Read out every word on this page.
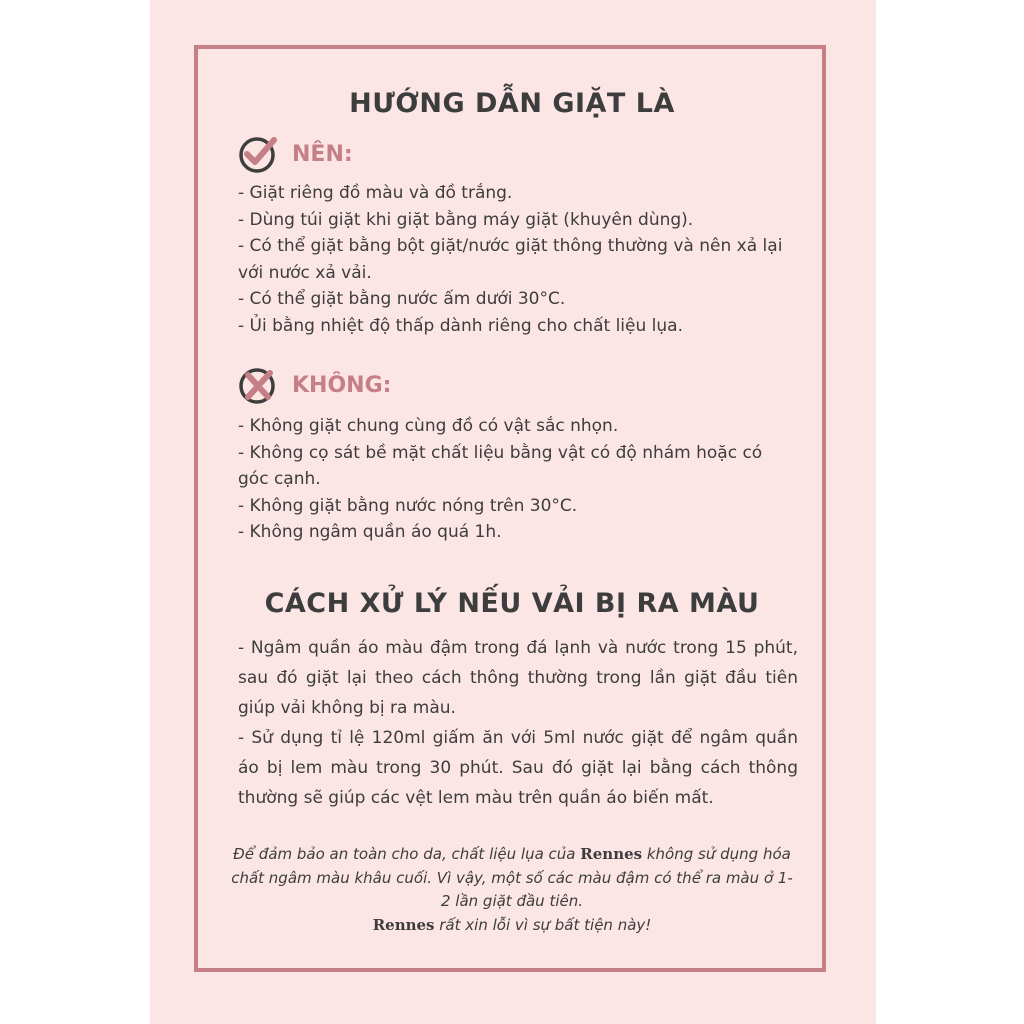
HƯỚNG DẪN GIẶT LÀ
NÊN:
- Giặt riêng đồ màu và đồ trắng.
- Dùng túi giặt khi giặt bằng máy giặt (khuyên dùng).
- Có thể giặt bằng bột giặt/nước giặt thông thường và nên xả lại với nước xả vải.
- Có thể giặt bằng nước ấm dưới 30°C.
- Ủi bằng nhiệt độ thấp dành riêng cho chất liệu lụa.
KHÔNG:
- Không giặt chung cùng đồ có vật sắc nhọn.
- Không cọ sát bề mặt chất liệu bằng vật có độ nhám hoặc có góc cạnh.
- Không giặt bằng nước nóng trên 30°C.
- Không ngâm quần áo quá 1h.
CÁCH XỬ LÝ NẾU VẢI BỊ RA MÀU
- Ngâm quần áo màu đậm trong đá lạnh và nước trong 15 phút, sau đó giặt lại theo cách thông thường trong lần giặt đầu tiên giúp vải không bị ra màu.
- Sử dụng tỉ lệ 120ml giấm ăn với 5ml nước giặt để ngâm quần áo bị lem màu trong 30 phút. Sau đó giặt lại bằng cách thông thường sẽ giúp các vệt lem màu trên quần áo biến mất.
Để đảm bảo an toàn cho da, chất liệu lụa của Rennes không sử dụng hóa chất ngâm màu khâu cuối. Vì vậy, một số các màu đậm có thể ra màu ở 1-2 lần giặt đầu tiên.
Rennes rất xin lỗi vì sự bất tiện này!
